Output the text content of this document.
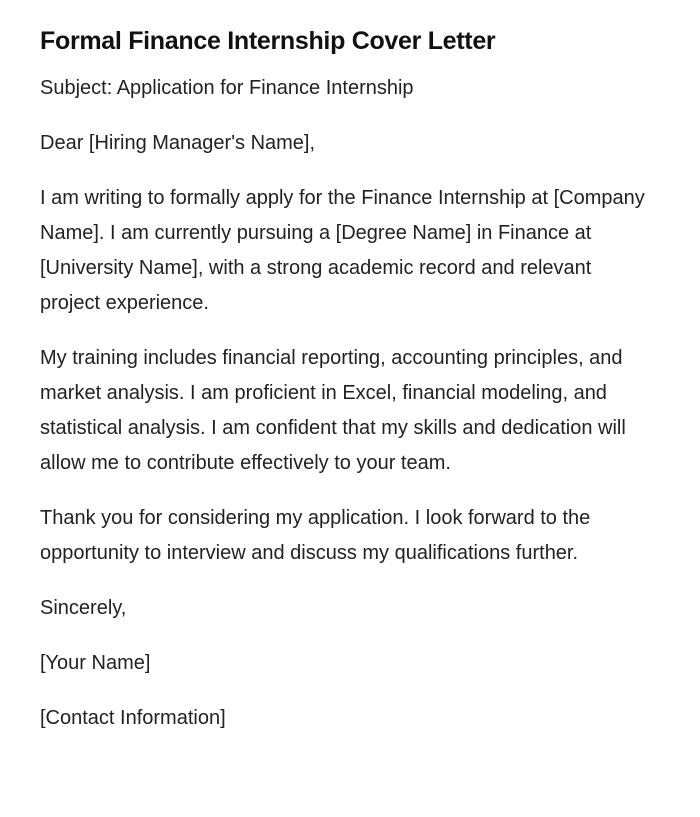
Formal Finance Internship Cover Letter

Subject: Application for Finance Internship

Dear [Hiring Manager's Name],

I am writing to formally apply for the Finance Internship at [Company Name]. I am currently pursuing a [Degree Name] in Finance at [University Name], with a strong academic record and relevant project experience.

My training includes financial reporting, accounting principles, and market analysis. I am proficient in Excel, financial modeling, and statistical analysis. I am confident that my skills and dedication will allow me to contribute effectively to your team.

Thank you for considering my application. I look forward to the opportunity to interview and discuss my qualifications further.

Sincerely,

[Your Name]

[Contact Information]
